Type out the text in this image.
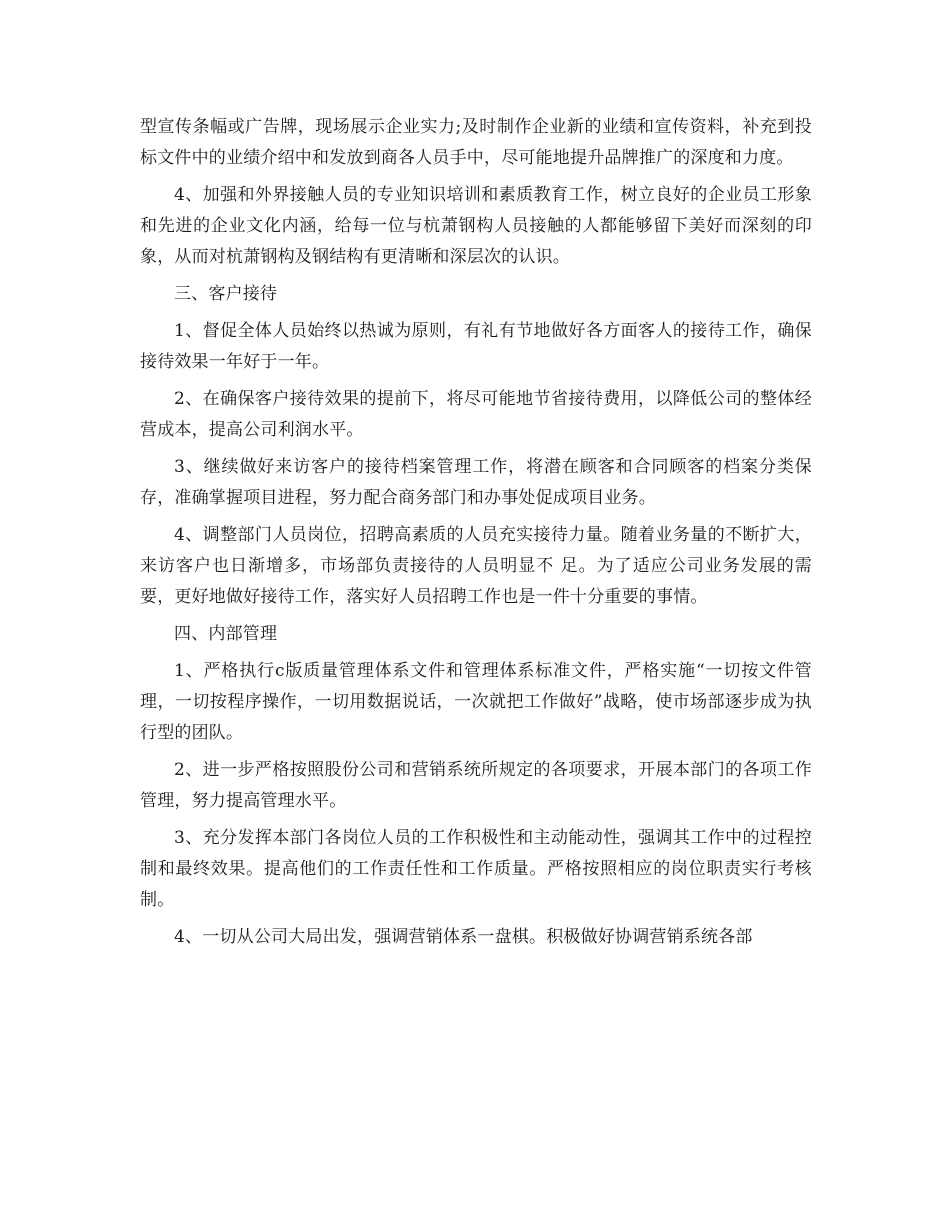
型宣传条幅或广告牌，现场展示企业实力;及时制作企业新的业绩和宣传资料，补充到投标文件中的业绩介绍中和发放到商各人员手中，尽可能地提升品牌推广的深度和力度。

4、加强和外界接触人员的专业知识培训和素质教育工作，树立良好的企业员工形象和先进的企业文化内涵，给每一位与杭萧钢构人员接触的人都能够留下美好而深刻的印象，从而对杭萧钢构及钢结构有更清晰和深层次的认识。

三、客户接待

1、督促全体人员始终以热诚为原则，有礼有节地做好各方面客人的接待工作，确保接待效果一年好于一年。

2、在确保客户接待效果的提前下，将尽可能地节省接待费用，以降低公司的整体经营成本，提高公司利润水平。

3、继续做好来访客户的接待档案管理工作，将潜在顾客和合同顾客的档案分类保存，准确掌握项目进程，努力配合商务部门和办事处促成项目业务。

4、调整部门人员岗位，招聘高素质的人员充实接待力量。随着业务量的不断扩大，来访客户也日渐增多，市场部负责接待的人员明显不 足。为了适应公司业务发展的需要，更好地做好接待工作，落实好人员招聘工作也是一件十分重要的事情。

四、内部管理

1、严格执行c版质量管理体系文件和管理体系标准文件，严格实施“一切按文件管理，一切按程序操作，一切用数据说话，一次就把工作做好”战略，使市场部逐步成为执行型的团队。

2、进一步严格按照股份公司和营销系统所规定的各项要求，开展本部门的各项工作管理，努力提高管理水平。

3、充分发挥本部门各岗位人员的工作积极性和主动能动性，强调其工作中的过程控制和最终效果。提高他们的工作责任性和工作质量。严格按照相应的岗位职责实行考核制。

4、一切从公司大局出发，强调营销体系一盘棋。积极做好协调营销系统各部
